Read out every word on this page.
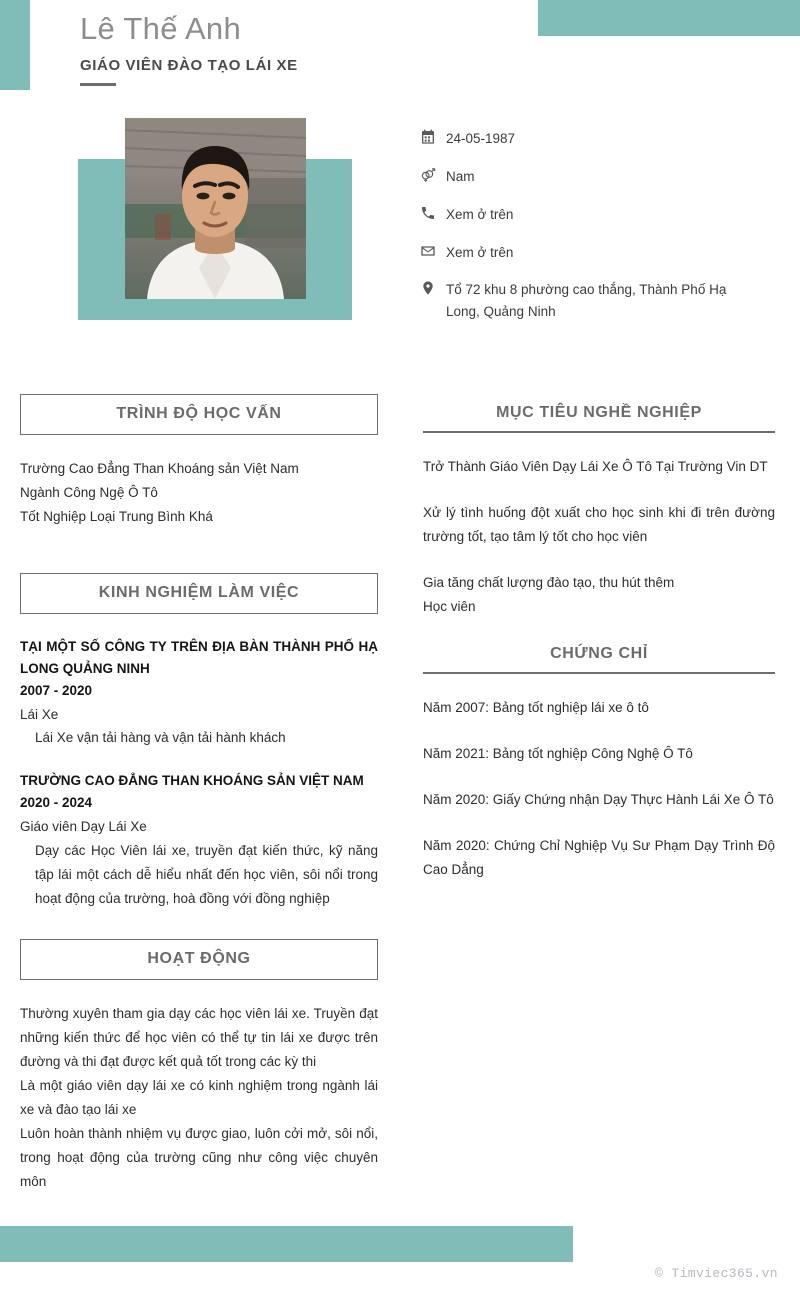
Lê Thế Anh
GIÁO VIÊN ĐÀO TẠO LÁI XE
24-05-1987
Nam
Xem ở trên
Xem ở trên
Tổ 72 khu 8 phường cao thắng, Thành Phố Hạ Long, Quảng Ninh
TRÌNH ĐỘ HỌC VẤN
Trường Cao Đẳng Than Khoáng sản Việt Nam
Ngành Công Ngệ Ô Tô
Tốt Nghiệp Loại Trung Bình Khá
KINH NGHIỆM LÀM VIỆC
TẠI MỘT SỐ CÔNG TY TRÊN ĐỊA BÀN THÀNH PHỐ HẠ LONG QUẢNG NINH
2007 - 2020
Lái Xe
Lái Xe vận tải hàng và vận tải hành khách
TRƯỜNG CAO ĐẲNG THAN KHOÁNG SẢN VIỆT NAM
2020 - 2024
Giáo viên Dạy Lái Xe
Dạy các Học Viên lái xe, truyền đạt kiến thức, kỹ năng tập lái một cách dễ hiểu nhất đến học viên, sôi nổi trong hoạt động của trường, hoà đồng với đồng nghiệp
HOẠT ĐỘNG
Thường xuyên tham gia dạy các học viên lái xe. Truyền đạt những kiến thức để học viên có thể tự tin lái xe được trên đường và thi đạt được kết quả tốt trong các kỳ thi
Là một giáo viên dạy lái xe có kinh nghiệm trong ngành lái xe và đào tạo lái xe
Luôn hoàn thành nhiệm vụ được giao, luôn cởi mở, sôi nổi, trong hoạt động của trường cũng như công việc chuyên môn
MỤC TIÊU NGHỀ NGHIỆP
Trở Thành Giáo Viên Dạy Lái Xe Ô Tô Tại Trường Vin DT
Xử lý tình huống đột xuất cho học sinh khi đi trên đường trường tốt, tạo tâm lý tốt cho học viên
Gia tăng chất lượng đào tạo, thu hút thêm
Học viên
CHỨNG CHỈ
Năm 2007: Bảng tốt nghiệp lái xe ô tô
Năm 2021: Bảng tốt nghiệp Công Nghệ Ô Tô
Năm 2020: Giấy Chứng nhận Dạy Thực Hành Lái Xe Ô Tô
Năm 2020: Chứng Chỉ Nghiệp Vụ Sư Phạm Dạy Trình Độ Cao Dẳng
© Timviec365.vn
